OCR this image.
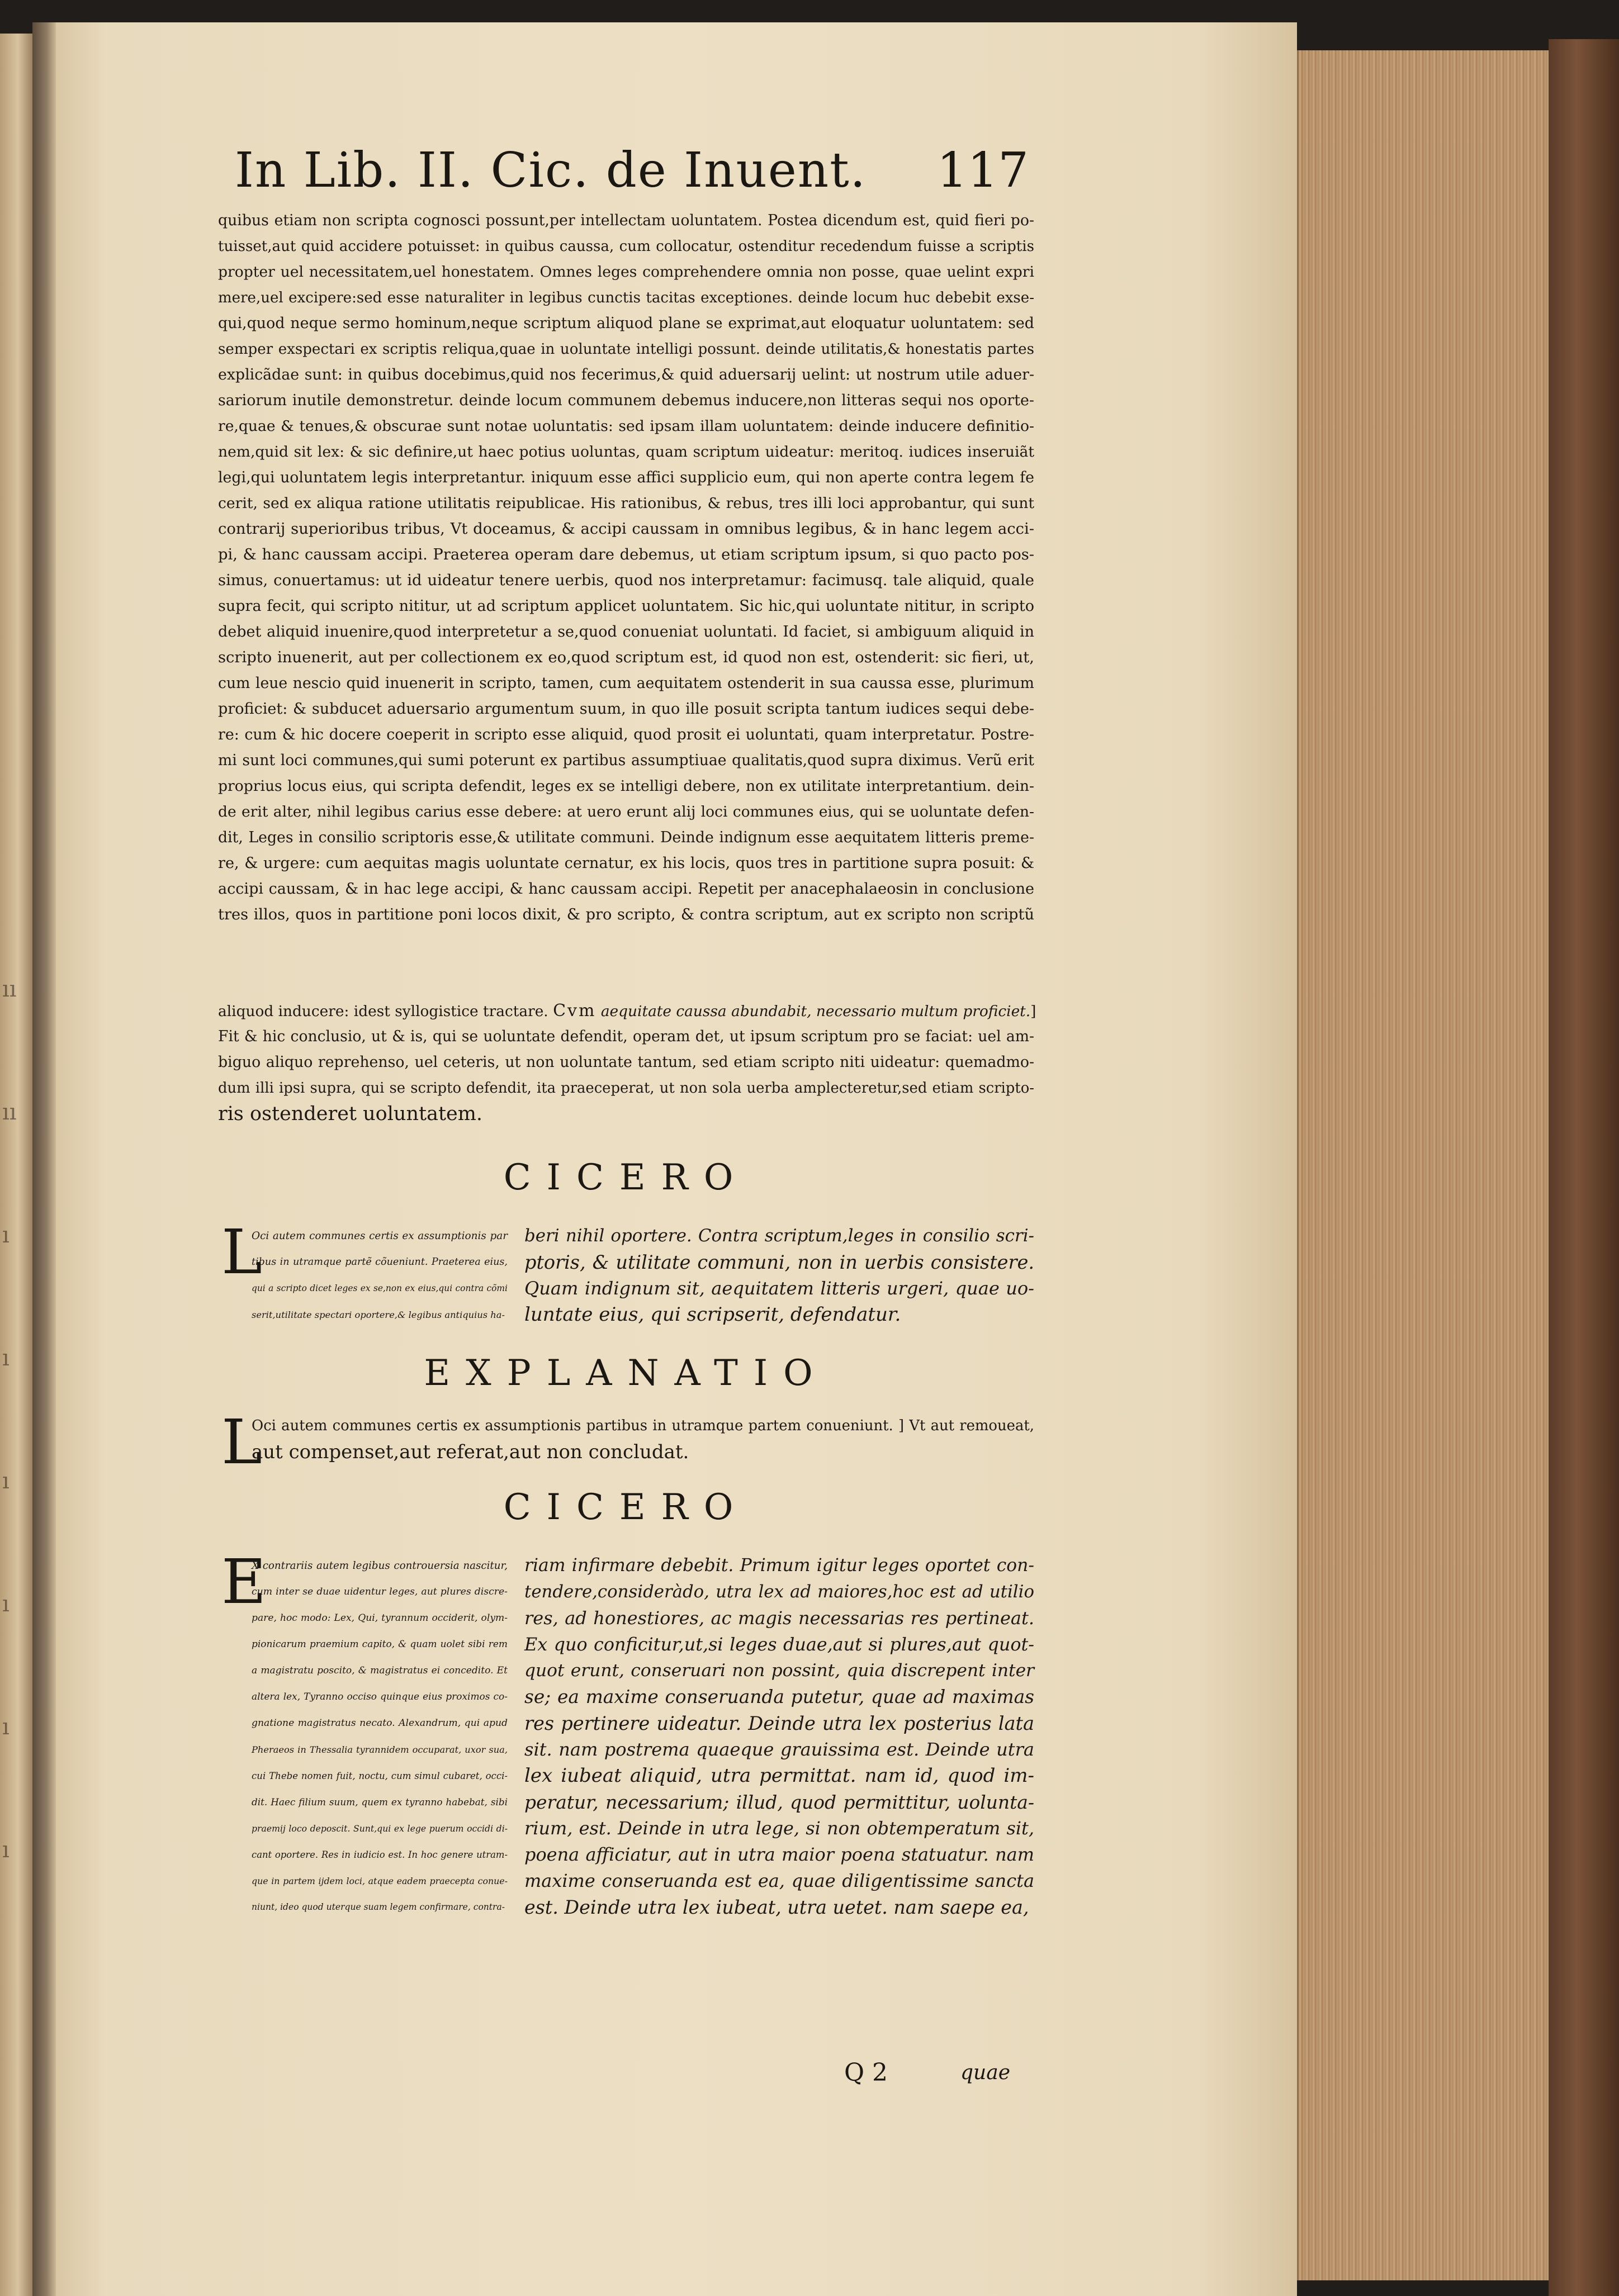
ıı
ıı
ı
ı
ı
ı
ı
ı
In Lib. II. Cic. de Inuent. 117
quibus etiam non scripta cognosci possunt,per intellectam uoluntatem. Postea dicendum est, quid fieri po-
tuisset,aut quid accidere potuisset: in quibus caussa, cum collocatur, ostenditur recedendum fuisse a scriptis
propter uel necessitatem,uel honestatem. Omnes leges comprehendere omnia non posse, quae uelint expri
mere,uel excipere:sed esse naturaliter in legibus cunctis tacitas exceptiones. deinde locum huc debebit exse-
qui,quod neque sermo hominum,neque scriptum aliquod plane se exprimat,aut eloquatur uoluntatem: sed
semper exspectari ex scriptis reliqua,quae in uoluntate intelligi possunt. deinde utilitatis,& honestatis partes
explicãdae sunt: in quibus docebimus,quid nos fecerimus,& quid aduersarij uelint: ut nostrum utile aduer-
sariorum inutile demonstretur. deinde locum communem debemus inducere,non litteras sequi nos oporte-
re,quae & tenues,& obscurae sunt notae uoluntatis: sed ipsam illam uoluntatem: deinde inducere definitio-
nem,quid sit lex: & sic definire,ut haec potius uoluntas, quam scriptum uideatur: meritoq. iudices inseruiãt
legi,qui uoluntatem legis interpretantur. iniquum esse affici supplicio eum, qui non aperte contra legem fe
cerit, sed ex aliqua ratione utilitatis reipublicae. His rationibus, & rebus, tres illi loci approbantur, qui sunt
contrarij superioribus tribus, Vt doceamus, & accipi caussam in omnibus legibus, & in hanc legem acci-
pi, & hanc caussam accipi. Praeterea operam dare debemus, ut etiam scriptum ipsum, si quo pacto pos-
simus, conuertamus: ut id uideatur tenere uerbis, quod nos interpretamur: facimusq. tale aliquid, quale
supra fecit, qui scripto nititur, ut ad scriptum applicet uoluntatem. Sic hic,qui uoluntate nititur, in scripto
debet aliquid inuenire,quod interpretetur a se,quod conueniat uoluntati. Id faciet, si ambiguum aliquid in
scripto inuenerit, aut per collectionem ex eo,quod scriptum est, id quod non est, ostenderit: sic fieri, ut,
cum leue nescio quid inuenerit in scripto, tamen, cum aequitatem ostenderit in sua caussa esse, plurimum
proficiet: & subducet aduersario argumentum suum, in quo ille posuit scripta tantum iudices sequi debe-
re: cum & hic docere coeperit in scripto esse aliquid, quod prosit ei uoluntati, quam interpretatur. Postre-
mi sunt loci communes,qui sumi poterunt ex partibus assumptiuae qualitatis,quod supra diximus. Verũ erit
proprius locus eius, qui scripta defendit, leges ex se intelligi debere, non ex utilitate interpretantium. dein-
de erit alter, nihil legibus carius esse debere: at uero erunt alij loci communes eius, qui se uoluntate defen-
dit, Leges in consilio scriptoris esse,& utilitate communi. Deinde indignum esse aequitatem litteris preme-
re, & urgere: cum aequitas magis uoluntate cernatur, ex his locis, quos tres in partitione supra posuit: &
accipi caussam, & in hac lege accipi, & hanc caussam accipi. Repetit per anacephalaeosin in conclusione
tres illos, quos in partitione poni locos dixit, & pro scripto, & contra scriptum, aut ex scripto non scriptũ
aliquod inducere: idest syllogistice tractare. Cvm aequitate caussa abundabit, necessario multum proficiet.]
Fit & hic conclusio, ut & is, qui se uoluntate defendit, operam det, ut ipsum scriptum pro se faciat: uel am-
biguo aliquo reprehenso, uel ceteris, ut non uoluntate tantum, sed etiam scripto niti uideatur: quemadmo-
dum illi ipsi supra, qui se scripto defendit, ita praeceperat, ut non sola uerba amplecteretur,sed etiam scripto-
ris ostenderet uoluntatem.
CICERO
L
Oci autem communes certis ex assumptionis par
tibus in utramque partẽ cõueniunt. Praeterea eius,
qui a scripto dicet leges ex se,non ex eius,qui contra cõmi
serit,utilitate spectari oportere,& legibus antiquius ha-
beri nihil oportere. Contra scriptum,leges in consilio scri-
ptoris, & utilitate communi, non in uerbis consistere.
Quam indignum sit, aequitatem litteris urgeri, quae uo-
luntate eius, qui scripserit, defendatur.
EXPLANATIO
L
Oci autem communes certis ex assumptionis partibus in utramque partem conueniunt. ] Vt aut remoueat,
aut compenset,aut referat,aut non concludat.
CICERO
E
X contrariis autem legibus controuersia nascitur,
cum inter se duae uidentur leges, aut plures discre-
pare, hoc modo: Lex, Qui, tyrannum occiderit, olym-
pionicarum praemium capito, & quam uolet sibi rem
a magistratu poscito, & magistratus ei concedito. Et
altera lex, Tyranno occiso quinque eius proximos co-
gnatione magistratus necato. Alexandrum, qui apud
Pheraeos in Thessalia tyrannidem occuparat, uxor sua,
cui Thebe nomen fuit, noctu, cum simul cubaret, occi-
dit. Haec filium suum, quem ex tyranno habebat, sibi
praemij loco deposcit. Sunt,qui ex lege puerum occidi di-
cant oportere. Res in iudicio est. In hoc genere utram-
que in partem ijdem loci, atque eadem praecepta conue-
niunt, ideo quod uterque suam legem confirmare, contra-
riam infirmare debebit. Primum igitur leges oportet con-
tendere,consideràdo, utra lex ad maiores,hoc est ad utilio
res, ad honestiores, ac magis necessarias res pertineat.
Ex quo conficitur,ut,si leges duae,aut si plures,aut quot-
quot erunt, conseruari non possint, quia discrepent inter
se; ea maxime conseruanda putetur, quae ad maximas
res pertinere uideatur. Deinde utra lex posterius lata
sit. nam postrema quaeque grauissima est. Deinde utra
lex iubeat aliquid, utra permittat. nam id, quod im-
peratur, necessarium; illud, quod permittitur, uolunta-
rium, est. Deinde in utra lege, si non obtemperatum sit,
poena afficiatur, aut in utra maior poena statuatur. nam
maxime conseruanda est ea, quae diligentissime sancta
est. Deinde utra lex iubeat, utra uetet. nam saepe ea,
Q 2	quae
